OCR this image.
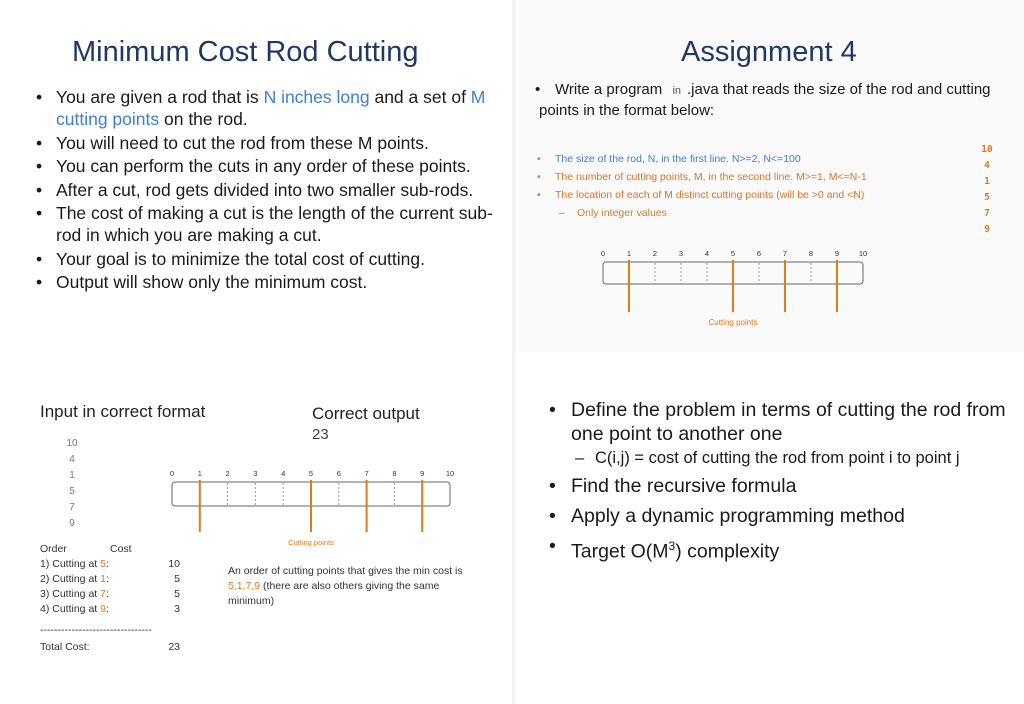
Minimum Cost Rod Cutting
• You are given a rod that is N inches long and a set of M cutting points on the rod.
• You will need to cut the rod from these M points.
• You can perform the cuts in any order of these points.
• After a cut, rod gets divided into two smaller sub-rods.
• The cost of making a cut is the length of the current sub-rod in which you are making a cut.
• Your goal is to minimize the total cost of cutting.
• Output will show only the minimum cost.
Assignment 4
• Write a program in .java that reads the size of the rod and cutting points in the format below:
• The size of the rod, N, in the first line. N>=2, N<=100
• The number of cutting points, M, in the second line. M>=1, M<=N-1
• The location of each of M distinct cutting points (will be >0 and <N)
– Only integer values
10
4
1
5
7
9
0	1	2	3	4	5	6	7	8	9	10
Cutting points
Input in correct format	Correct output
23
10
4
1
5
7
9
0	1	2	3	4	5	6	7	8	9	10
Cutting points
Order	Cost
1) Cutting at 5:	10
2) Cutting at 1:	5
3) Cutting at 7:	5
4) Cutting at 9:	3
--------------------------------
Total Cost:	23
An order of cutting points that gives the min cost is 5,1,7,9 (there are also others giving the same minimum)
• Define the problem in terms of cutting the rod from one point to another one
– C(i,j) = cost of cutting the rod from point i to point j
• Find the recursive formula
• Apply a dynamic programming method
• Target $O(M^3)$ complexity
